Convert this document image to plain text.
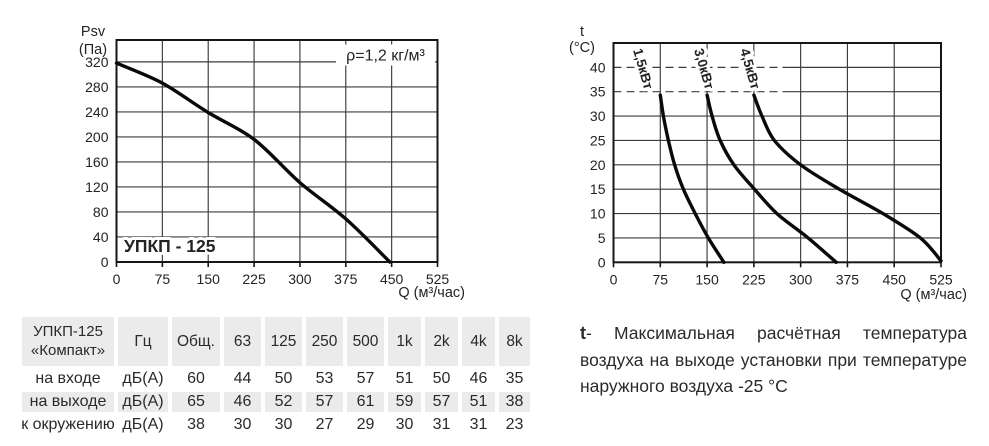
ρ=1,2 кг/м³
УПКП - 125
0
40
80
120
160
200
240
280
320
0 75 150 225 300 375 450 525
Psv
(Па)
Q (м³/час)
1,5кВт	3,0кВт 4,5кВт
0
5
10
15
20
25
30
35
40
0	75 150 225 300 375 450 525
t
(°C)
Q (м³/час)
УПКП-125
«Компакт»
Гц	Общ.	63	125 250 500	1k	2k	4k	8k
на входе	дБ(А)	60	44	50	53	57	51	50	46	35
на выходе	дБ(А)	65	46	52	57	61	59	57	51	38
к окружению дБ(А)	38	30	30	27	29	30	31	31	23

t- Максимальная расчётная температура воздуха на выходе установки при температуре наружного воздуха -25 °C
